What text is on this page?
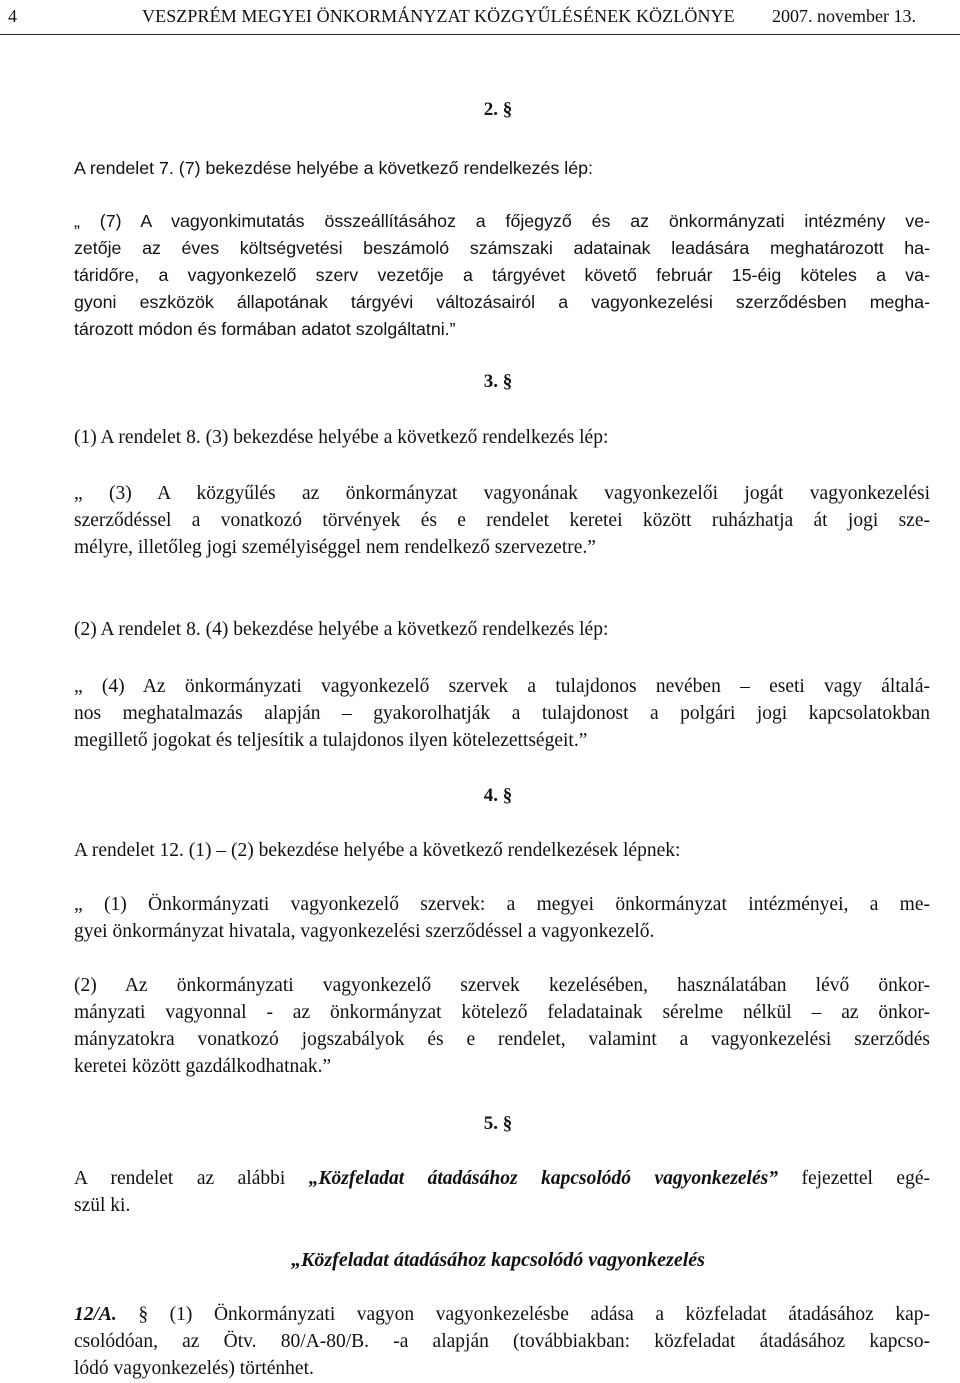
4	VESZPRÉM MEGYEI ÖNKORMÁNYZAT KÖZGYŰLÉSÉNEK KÖZLÖNYE 2007. november 13.
2. §
A rendelet 7. (7) bekezdése helyébe a következő rendelkezés lép:
„ (7) A vagyonkimutatás összeállításához a főjegyző és az önkormányzati intézmény ve-
zetője az éves költségvetési beszámoló számszaki adatainak leadására meghatározott ha-
táridőre, a vagyonkezelő szerv vezetője a tárgyévet követő február 15-éig köteles a va-
gyoni eszközök állapotának tárgyévi változásairól a vagyonkezelési szerződésben megha-
tározott módon és formában adatot szolgáltatni.”
3. §
(1) A rendelet 8. (3) bekezdése helyébe a következő rendelkezés lép:
„ (3) A közgyűlés az önkormányzat vagyonának vagyonkezelői jogát vagyonkezelési
szerződéssel a vonatkozó törvények és e rendelet keretei között ruházhatja át jogi sze-
mélyre, illetőleg jogi személyiséggel nem rendelkező szervezetre.”
(2) A rendelet 8. (4) bekezdése helyébe a következő rendelkezés lép:
„ (4) Az önkormányzati vagyonkezelő szervek a tulajdonos nevében – eseti vagy általá-
nos meghatalmazás alapján – gyakorolhatják a tulajdonost a polgári jogi kapcsolatokban
megillető jogokat és teljesítik a tulajdonos ilyen kötelezettségeit.”
4. §
A rendelet 12. (1) – (2) bekezdése helyébe a következő rendelkezések lépnek:
„ (1) Önkormányzati vagyonkezelő szervek: a megyei önkormányzat intézményei, a me-
gyei önkormányzat hivatala, vagyonkezelési szerződéssel a vagyonkezelő.
(2) Az önkormányzati vagyonkezelő szervek kezelésében, használatában lévő önkor-
mányzati vagyonnal - az önkormányzat kötelező feladatainak sérelme nélkül – az önkor-
mányzatokra vonatkozó jogszabályok és e rendelet, valamint a vagyonkezelési szerződés
keretei között gazdálkodhatnak.”
5. §
A rendelet az alábbi „Közfeladat átadásához kapcsolódó vagyonkezelés” fejezettel egé-
szül ki.
„Közfeladat átadásához kapcsolódó vagyonkezelés
12/A. § (1) Önkormányzati vagyon vagyonkezelésbe adása a közfeladat átadásához kap-
csolódóan, az Ötv. 80/A-80/B. -a alapján (továbbiakban: közfeladat átadásához kapcso-
lódó vagyonkezelés) történhet.
